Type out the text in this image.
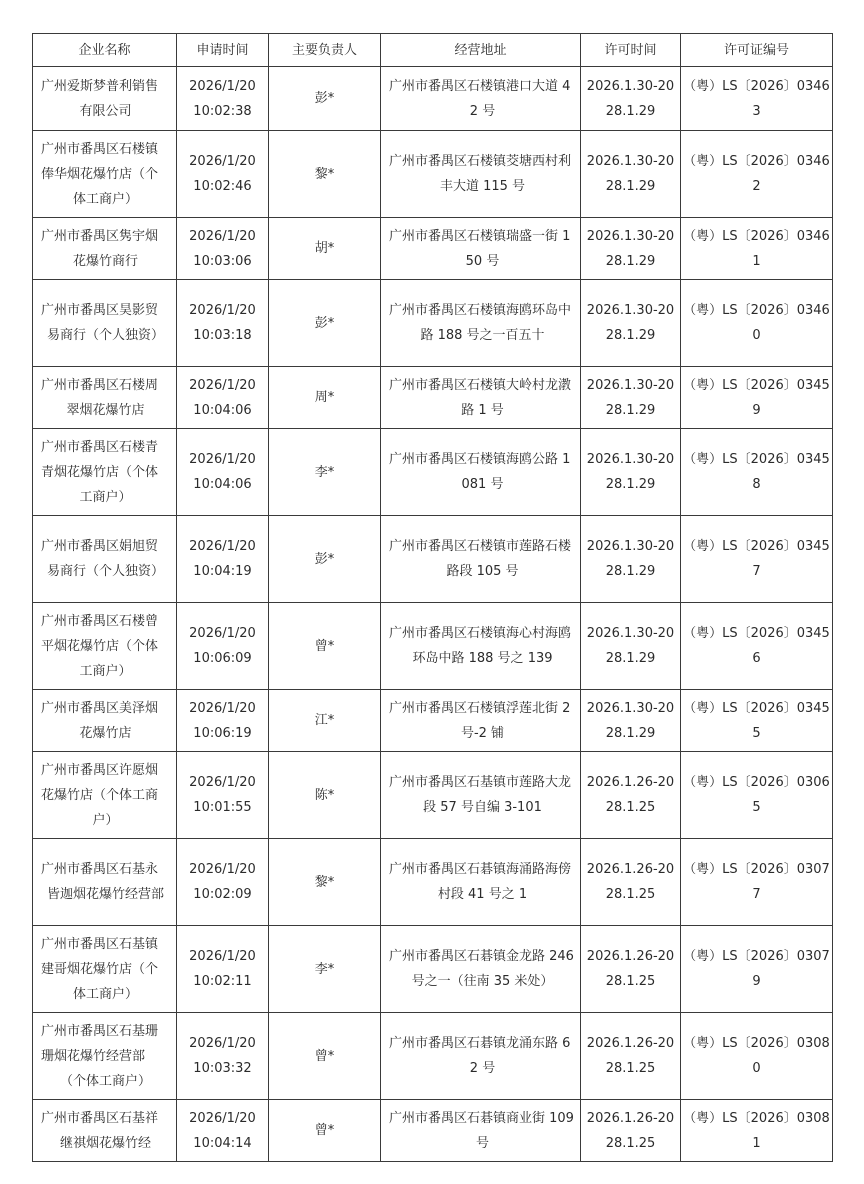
企业名称	申请时间	主要负责人	经营地址	许可时间	许可证编号

广州爱斯梦普利销售有限公司	2026/1/20
10:02:38	彭*	广州市番禺区石楼镇港口大道 42 号	2026.1.30-2028.1.29	（粤）LS〔2026〕03463

广州市番禺区石楼镇俸华烟花爆竹店（个体工商户）	2026/1/20
10:02:46	黎*	广州市番禺区石楼镇茭塘西村利丰大道 115 号	2026.1.30-2028.1.29	（粤）LS〔2026〕03462

广州市番禺区隽宇烟花爆竹商行	2026/1/20
10:03:06	胡*	广州市番禺区石楼镇瑞盛一街 150 号	2026.1.30-2028.1.29	（粤）LS〔2026〕03461

广州市番禺区昊影贸易商行（个人独资）	2026/1/20
10:03:18	彭*	广州市番禺区石楼镇海鸥环岛中路 188 号之一百五十	2026.1.30-2028.1.29	（粤）LS〔2026〕03460

广州市番禺区石楼周翠烟花爆竹店	2026/1/20
10:04:06	周*	广州市番禺区石楼镇大岭村龙漖路 1 号	2026.1.30-2028.1.29	（粤）LS〔2026〕03459

广州市番禺区石楼青青烟花爆竹店（个体工商户）	2026/1/20
10:04:06	李*	广州市番禺区石楼镇海鸥公路 1081 号	2026.1.30-2028.1.29	（粤）LS〔2026〕03458

广州市番禺区娟旭贸易商行（个人独资）	2026/1/20
10:04:19	彭*	广州市番禺区石楼镇市莲路石楼路段 105 号	2026.1.30-2028.1.29	（粤）LS〔2026〕03457

广州市番禺区石楼曾平烟花爆竹店（个体工商户）	2026/1/20
10:06:09	曾*	广州市番禺区石楼镇海心村海鸥环岛中路 188 号之 139	2026.1.30-2028.1.29	（粤）LS〔2026〕03456

广州市番禺区美泽烟花爆竹店	2026/1/20
10:06:19	江*	广州市番禺区石楼镇浮莲北街 2 号-2 铺	2026.1.30-2028.1.29	（粤）LS〔2026〕03455

广州市番禺区许愿烟花爆竹店（个体工商户）	2026/1/20
10:01:55	陈*	广州市番禺区石基镇市莲路大龙段 57 号自编 3-101	2026.1.26-2028.1.25	（粤）LS〔2026〕03065

广州市番禺区石基永皆迦烟花爆竹经营部	2026/1/20
10:02:09	黎*	广州市番禺区石碁镇海涌路海傍村段 41 号之 1	2026.1.26-2028.1.25	（粤）LS〔2026〕03077

广州市番禺区石基镇建哥烟花爆竹店（个体工商户）	2026/1/20
10:02:11	李*	广州市番禺区石碁镇金龙路 246 号之一（往南 35 米处）	2026.1.26-2028.1.25	（粤）LS〔2026〕03079

广州市番禺区石基珊珊烟花爆竹经营部（个体工商户）	2026/1/20
10:03:32	曾*	广州市番禺区石碁镇龙涌东路 62 号	2026.1.26-2028.1.25	（粤）LS〔2026〕03080

广州市番禺区石基祥继祺烟花爆竹经	2026/1/20
10:04:14	曾*	广州市番禺区石碁镇商业街 109 号	2026.1.26-2028.1.25	（粤）LS〔2026〕03081
